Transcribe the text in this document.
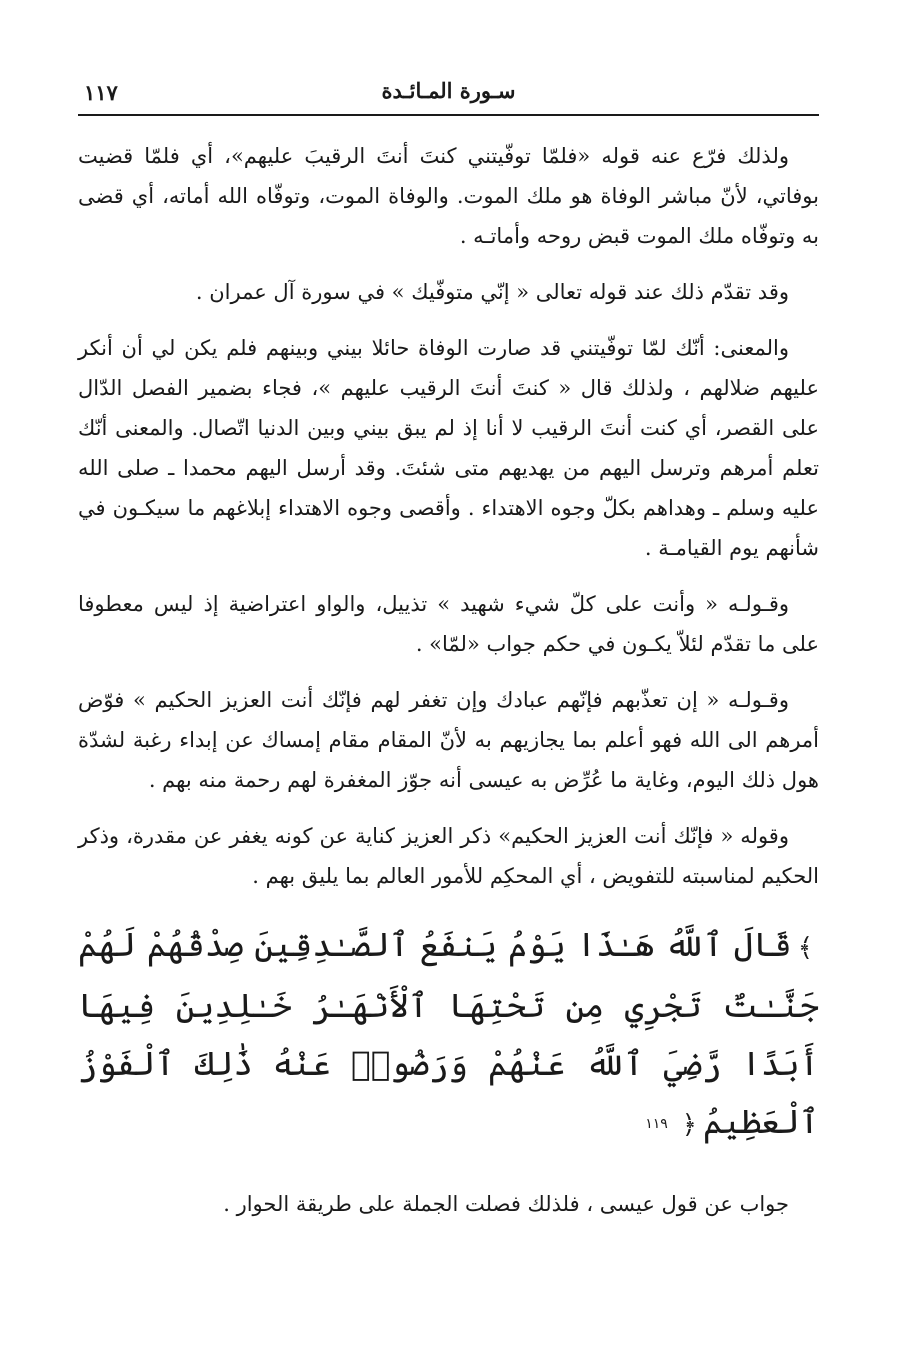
١١٧	سـورة المـائـدة

ولذلك فرّع عنه قوله «فلمّا توفّيتني كنتَ أنتَ الرقيبَ عليهم»، أي فلمّا قضيت بوفاتي، لأنّ مباشر الوفاة هو ملك الموت. والوفاة الموت، وتوفّاه الله أماته، أي قضى به وتوفّاه ملك الموت قبض روحه وأماتـه .

وقد تقدّم ذلك عند قوله تعالى « إنّي متوفّيك » في سورة آل عمران .

والمعنى: أنّك لمّا توفّيتني قد صارت الوفاة حائلا بيني وبينهم فلم يكن لي أن أنكر عليهم ضلالهم ، ولذلك قال « كنتَ أنتَ الرقيب عليهم »، فجاء بضمير الفصل الدّال على القصر، أي كنت أنتَ الرقيب لا أنا إذ لم يبق بيني وبين الدنيا اتّصال. والمعنى أنّك تعلم أمرهم وترسل اليهم من يهديهم متى شئتَ. وقد أرسل اليهم محمدا ـ صلى الله عليه وسلم ـ وهداهم بكلّ وجوه الاهتداء . وأقصى وجوه الاهتداء إبلاغهم ما سيكـون في شأنهم يوم القيامـة .

وقـولـه « وأنت على كلّ شيء شهيد » تذييل، والواو اعتراضية إذ ليس معطوفا على ما تقدّم لئلاّ يكـون في حكم جواب «لمّا» .

وقـولـه « إن تعذّبهم فإنّهم عبادك وإن تغفر لهم فإنّك أنت العزيز الحكيم » فوّض أمرهم الى الله فهو أعلم بما يجازيهم به لأنّ المقام مقام إمساك عن إبداء رغبة لشدّة هول ذلك اليوم، وغاية ما عُرِّض به عيسى أنه جوّز المغفرة لهم رحمة منه بهم .

وقوله « فإنّك أنت العزيز الحكيم» ذكر العزيز كناية عن كونه يغفر عن مقدرة، وذكر الحكيم لمناسبته للتفويض ، أي المحكِم للأمور العالم بما يليق بهم .

﴾قَالَ ٱللَّهُ هَـٰذَا يَوْمُ يَنفَعُ ٱلصَّـٰدِقِينَ صِدْقُهُمْ لَهُمْ جَنَّـٰتٌ تَجْرِي مِن تَحْتِهَا ٱلْأَنْهَـٰرُ خَـٰلِدِينَ فِيهَا أَبَدًا رَّضِيَ ٱللَّهُ عَنْهُمْ وَرَضُوا۟ عَنْهُ ذَٰلِكَ ٱلْفَوْزُ ٱلْعَظِيمُ﴿١١٩

جواب عن قول عيسى ، فلذلك فصلت الجملة على طريقة الحوار .
